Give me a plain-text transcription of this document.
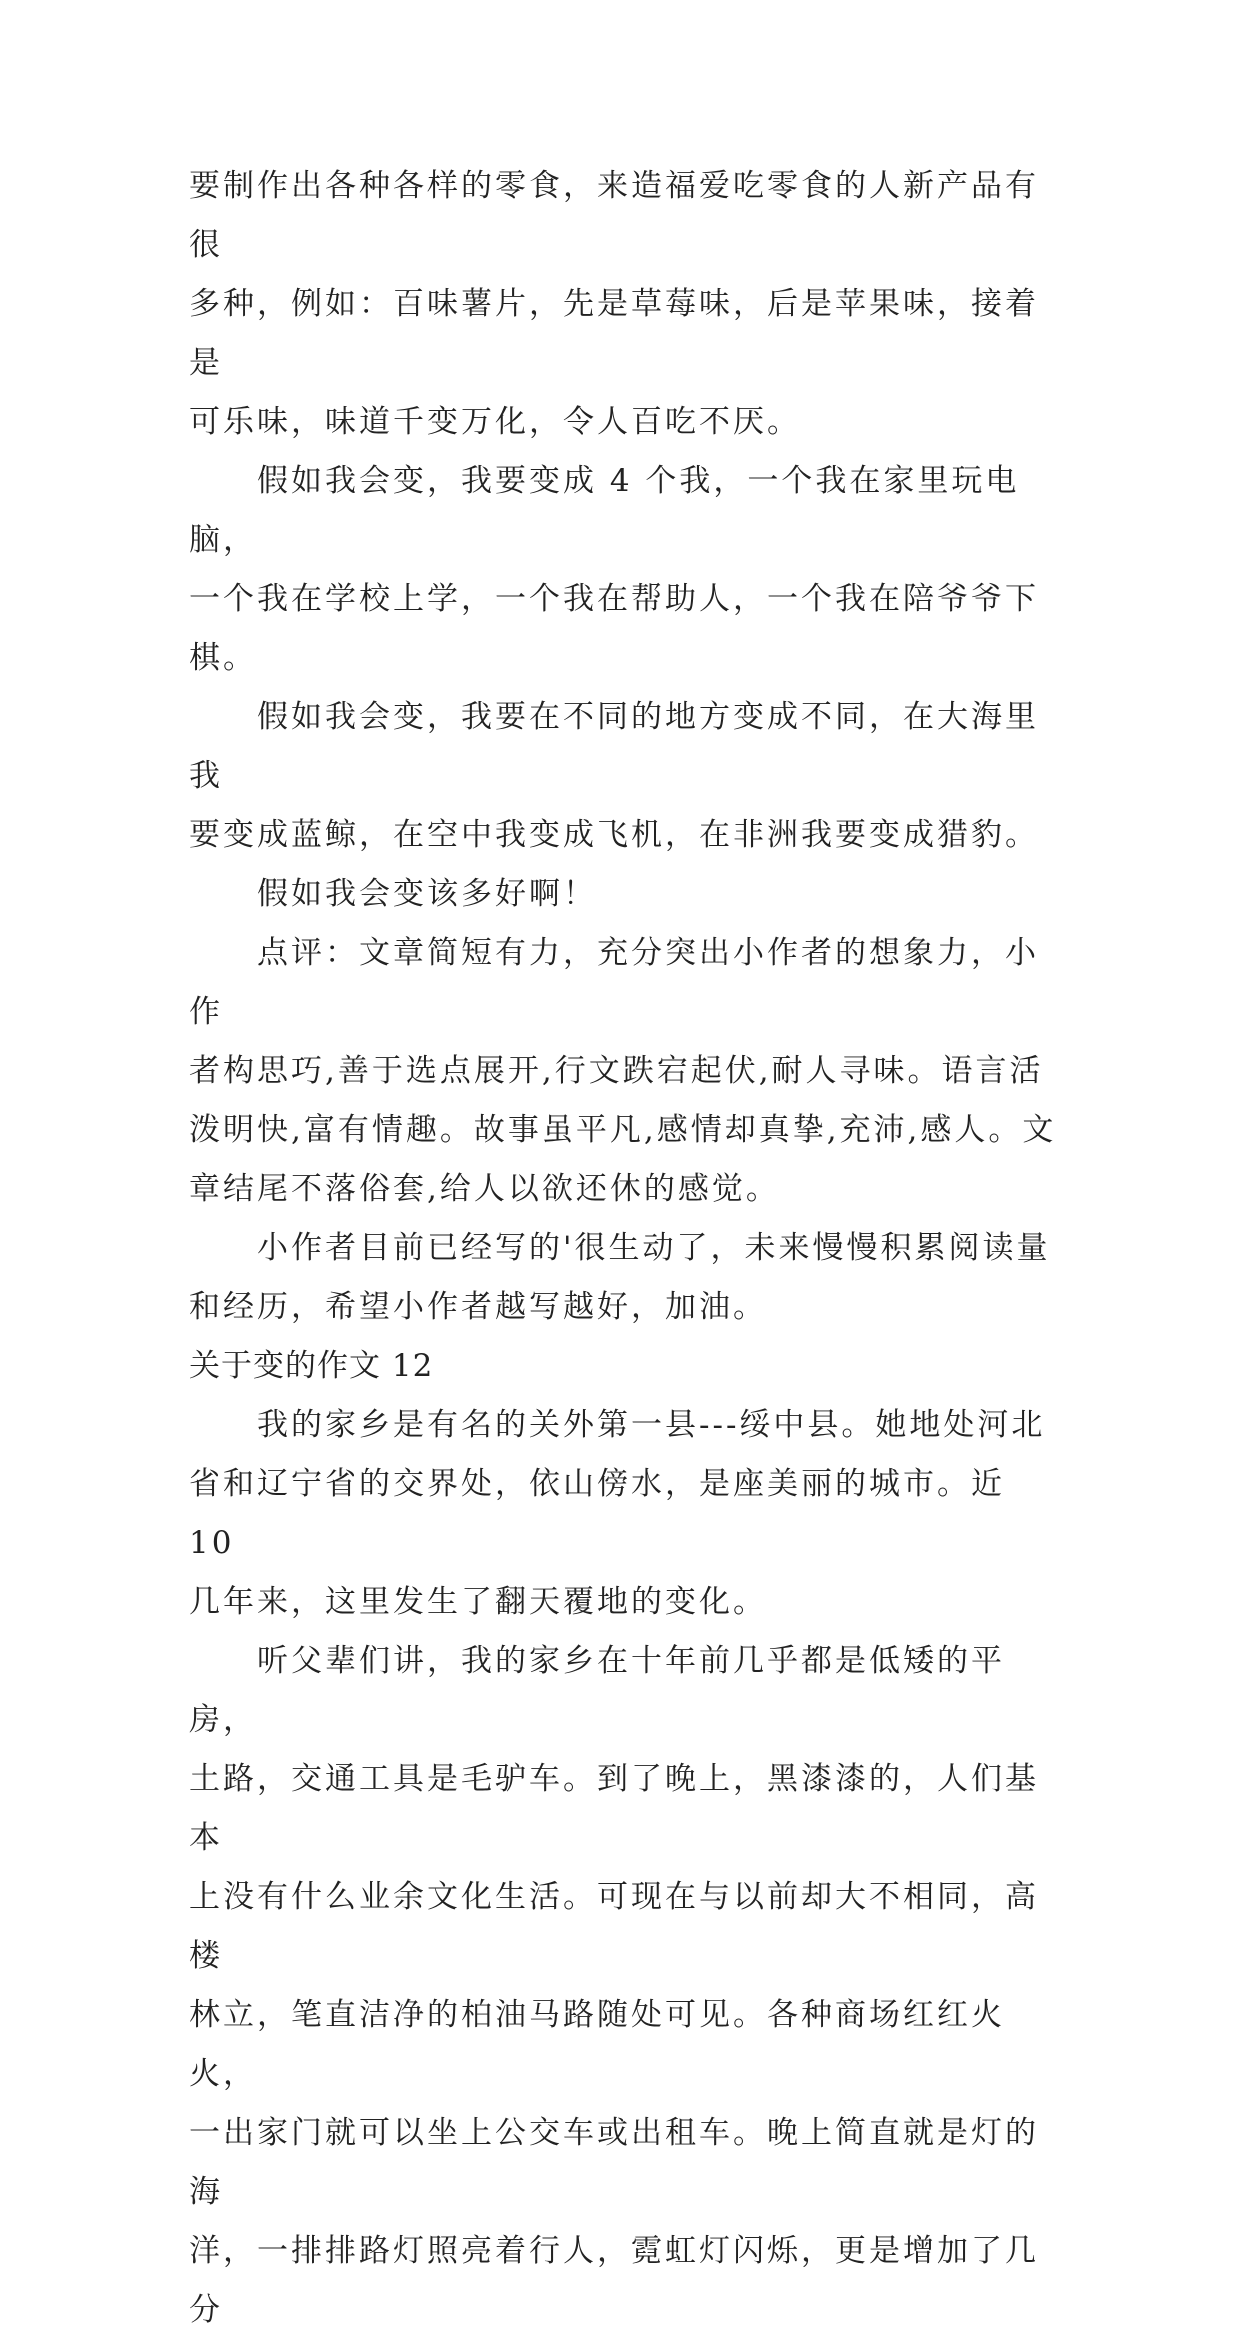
要制作出各种各样的零食，来造福爱吃零食的人新产品有很
多种，例如：百味薯片，先是草莓味，后是苹果味，接着是
可乐味，味道千变万化，令人百吃不厌。

　　假如我会变，我要变成 4 个我，一个我在家里玩电脑，
一个我在学校上学，一个我在帮助人，一个我在陪爷爷下棋。

　　假如我会变，我要在不同的地方变成不同，在大海里我
要变成蓝鲸，在空中我变成飞机，在非洲我要变成猎豹。

　　假如我会变该多好啊！

　　点评：文章简短有力，充分突出小作者的想象力，小作
者构思巧,善于选点展开,行文跌宕起伏,耐人寻味。语言活
泼明快,富有情趣。故事虽平凡,感情却真挚,充沛,感人。文
章结尾不落俗套,给人以欲还休的感觉。

　　小作者目前已经写的'很生动了，未来慢慢积累阅读量
和经历，希望小作者越写越好，加油。

关于变的作文 12

　　我的家乡是有名的关外第一县---绥中县。她地处河北
省和辽宁省的交界处，依山傍水，是座美丽的城市。近 10
几年来，这里发生了翻天覆地的变化。

　　听父辈们讲，我的家乡在十年前几乎都是低矮的平房，
土路，交通工具是毛驴车。到了晚上，黑漆漆的，人们基本
上没有什么业余文化生活。可现在与以前却大不相同，高楼
林立，笔直洁净的柏油马路随处可见。各种商场红红火火，
一出家门就可以坐上公交车或出租车。晚上简直就是灯的海
洋，一排排路灯照亮着行人，霓虹灯闪烁，更是增加了几分
